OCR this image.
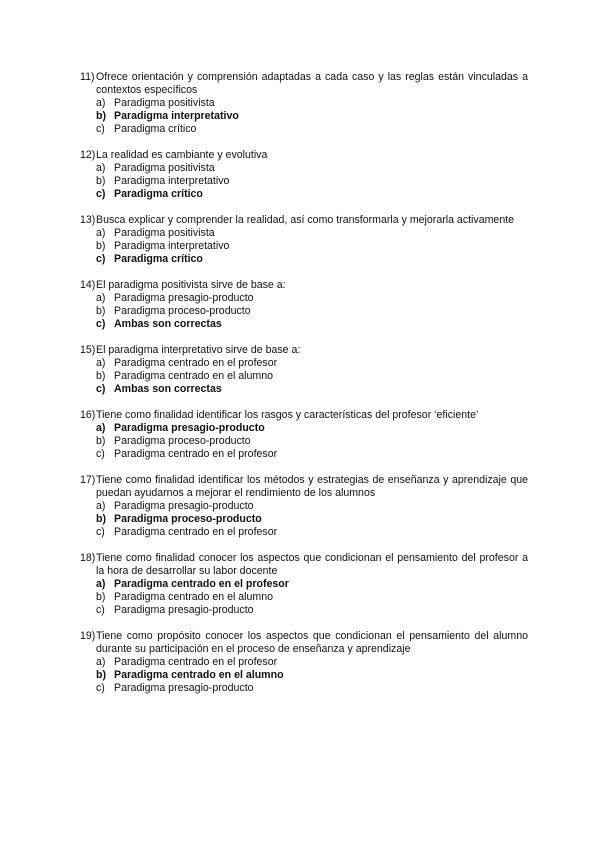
11) Ofrece orientación y comprensión adaptadas a cada caso y las reglas están vinculadas a contextos específicos
a) Paradigma positivista
b) Paradigma interpretativo
c) Paradigma crítico
12) La realidad es cambiante y evolutiva
a) Paradigma positivista
b) Paradigma interpretativo
c) Paradigma crítico
13) Busca explicar y comprender la realidad, así como transformarla y mejorarla activamente
a) Paradigma positivista
b) Paradigma interpretativo
c) Paradigma crítico
14) El paradigma positivista sirve de base a:
a) Paradigma presagio-producto
b) Paradigma proceso-producto
c) Ambas son correctas
15) El paradigma interpretativo sirve de base a:
a) Paradigma centrado en el profesor
b) Paradigma centrado en el alumno
c) Ambas son correctas
16) Tiene como finalidad identificar los rasgos y características del profesor ‘eficiente’
a) Paradigma presagio-producto
b) Paradigma proceso-producto
c) Paradigma centrado en el profesor
17) Tiene como finalidad identificar los métodos y estrategias de enseñanza y aprendizaje que puedan ayudarnos a mejorar el rendimiento de los alumnos
a) Paradigma presagio-producto
b) Paradigma proceso-producto
c) Paradigma centrado en el profesor
18) Tiene como finalidad conocer los aspectos que condicionan el pensamiento del profesor a la hora de desarrollar su labor docente
a) Paradigma centrado en el profesor
b) Paradigma centrado en el alumno
c) Paradigma presagio-producto
19) Tiene como propósito conocer los aspectos que condicionan el pensamiento del alumno durante su participación en el proceso de enseñanza y aprendizaje
a) Paradigma centrado en el profesor
b) Paradigma centrado en el alumno
c) Paradigma presagio-producto
